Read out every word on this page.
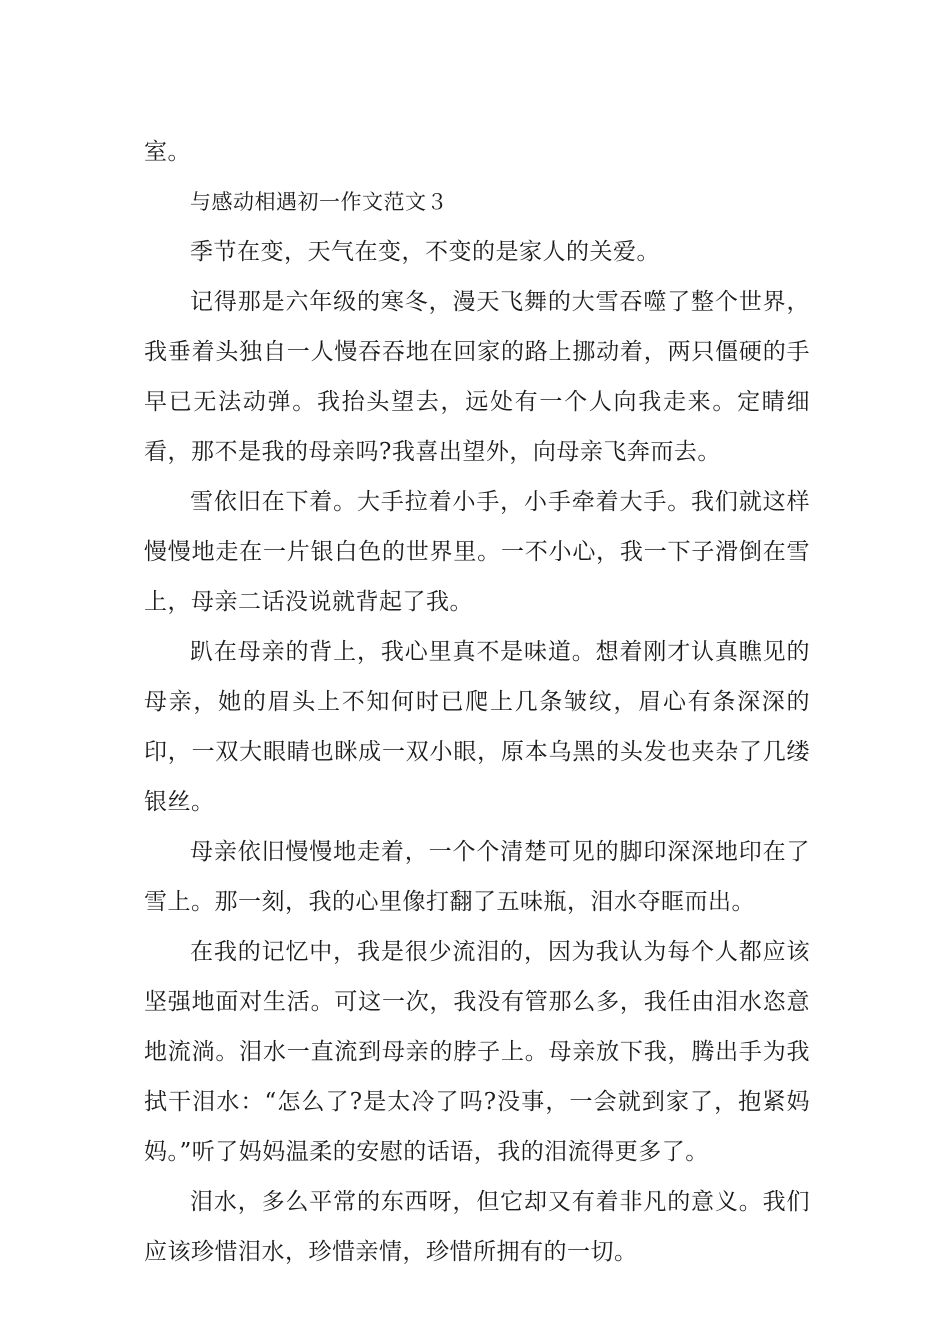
室。

与感动相遇初一作文范文３

季节在变，天气在变，不变的是家人的关爱。

记得那是六年级的寒冬，漫天飞舞的大雪吞噬了整个世界，我垂着头独自一人慢吞吞地在回家的路上挪动着，两只僵硬的手早已无法动弹。我抬头望去，远处有一个人向我走来。定睛细看，那不是我的母亲吗?我喜出望外，向母亲飞奔而去。

雪依旧在下着。大手拉着小手，小手牵着大手。我们就这样慢慢地走在一片银白色的世界里。一不小心，我一下子滑倒在雪上，母亲二话没说就背起了我。

趴在母亲的背上，我心里真不是味道。想着刚才认真瞧见的母亲，她的眉头上不知何时已爬上几条皱纹，眉心有条深深的印，一双大眼睛也眯成一双小眼，原本乌黑的头发也夹杂了几缕银丝。

母亲依旧慢慢地走着，一个个清楚可见的脚印深深地印在了雪上。那一刻，我的心里像打翻了五味瓶，泪水夺眶而出。

在我的记忆中，我是很少流泪的，因为我认为每个人都应该坚强地面对生活。可这一次，我没有管那么多，我任由泪水恣意地流淌。泪水一直流到母亲的脖子上。母亲放下我，腾出手为我拭干泪水：“怎么了?是太冷了吗?没事，一会就到家了，抱紧妈妈。”听了妈妈温柔的安慰的话语，我的泪流得更多了。

泪水，多么平常的东西呀，但它却又有着非凡的意义。我们应该珍惜泪水，珍惜亲情，珍惜所拥有的一切。
